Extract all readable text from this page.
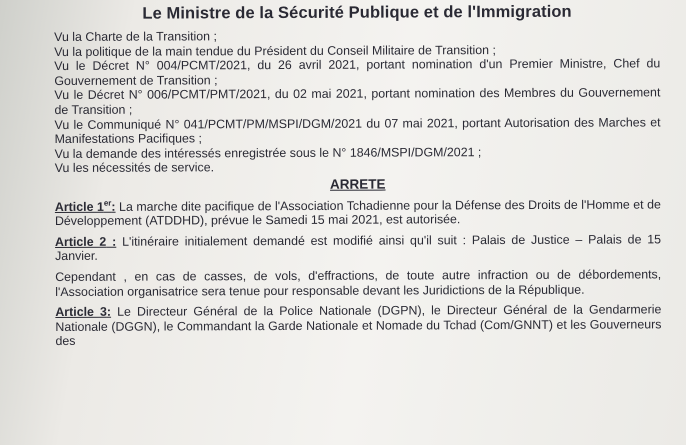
Le Ministre de la Sécurité Publique et de l'Immigration

Vu la Charte de la Transition ;

Vu la politique de la main tendue du Président du Conseil Militaire de Transition ;

Vu le Décret N° 004/PCMT/2021, du 26 avril 2021, portant nomination d'un Premier Ministre, Chef du Gouvernement de Transition ;

Vu le Décret N° 006/PCMT/PMT/2021, du 02 mai 2021, portant nomination des Membres du Gouvernement de Transition ;

Vu le Communiqué N° 041/PCMT/PM/MSPI/DGM/2021 du 07 mai 2021, portant Autorisation des Marches et Manifestations Pacifiques ;

Vu la demande des intéressés enregistrée sous le N° 1846/MSPI/DGM/2021 ;

Vu les nécessités de service.

ARRETE

Article 1er: La marche dite pacifique de l'Association Tchadienne pour la Défense des Droits de l'Homme et de Développement (ATDDHD), prévue le Samedi 15 mai 2021, est autorisée.

Article 2 : L'itinéraire initialement demandé est modifié ainsi qu'il suit : Palais de Justice – Palais de 15 Janvier.

Cependant , en cas de casses, de vols, d'effractions, de toute autre infraction ou de débordements, l'Association organisatrice sera tenue pour responsable devant les Juridictions de la République.

Article 3: Le Directeur Général de la Police Nationale (DGPN), le Directeur Général de la Gendarmerie Nationale (DGGN), le Commandant la Garde Nationale et Nomade du Tchad (Com/GNNT) et les Gouverneurs des
